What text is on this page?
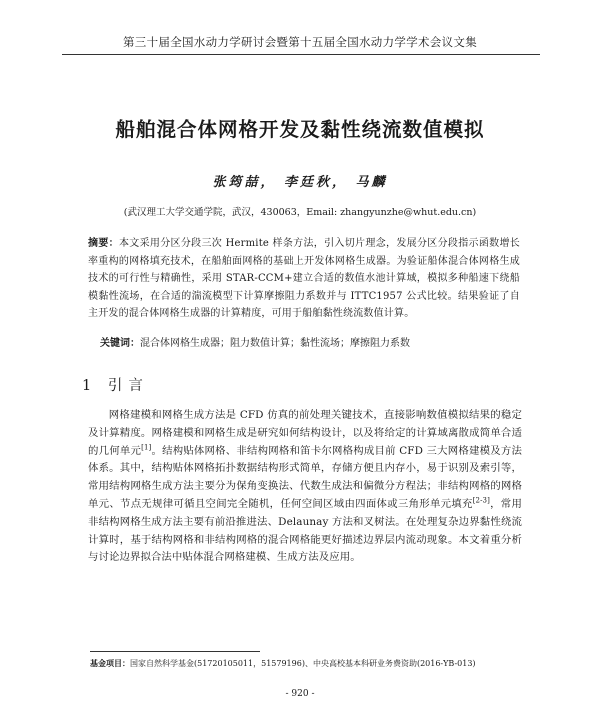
第三十届全国水动力学研讨会暨第十五届全国水动力学学术会议文集
船舶混合体网格开发及黏性绕流数值模拟
张筠喆， 李廷秋， 马麟
(武汉理工大学交通学院，武汉，430063，Email: zhangyunzhe@whut.edu.cn)
摘要：本文采用分区分段三次 Hermite 样条方法，引入切片理念，发展分区分段指示函数增长率重构的网格填充技术，在船舶面网格的基础上开发体网格生成器。为验证船体混合体网格生成技术的可行性与精确性，采用 STAR-CCM+建立合适的数值水池计算域，模拟多种船速下绕船模黏性流场，在合适的湍流模型下计算摩擦阻力系数并与 ITTC1957 公式比较。结果验证了自主开发的混合体网格生成器的计算精度，可用于船舶黏性绕流数值计算。
关键词：混合体网格生成器；阻力数值计算；黏性流场；摩擦阻力系数
1 引言

网格建模和网格生成方法是 CFD 仿真的前处理关键技术，直接影响数值模拟结果的稳定及计算精度。网格建模和网格生成是研究如何结构设计，以及将给定的计算域离散成简单合适的几何单元[1]。结构贴体网格、非结构网格和笛卡尔网格构成目前 CFD 三大网格建模及方法体系。其中，结构贴体网格拓扑数据结构形式简单，存储方便且内存小，易于识别及索引等，常用结构网格生成方法主要分为保角变换法、代数生成法和偏微分方程法；非结构网格的网格单元、节点无规律可循且空间完全随机，任何空间区域由四面体或三角形单元填充[2-3]，常用非结构网格生成方法主要有前沿推进法、Delaunay 方法和叉树法。在处理复杂边界黏性绕流计算时，基于结构网格和非结构网格的混合网格能更好描述边界层内流动现象。本文着重分析与讨论边界拟合法中贴体混合网格建模、生成方法及应用。

基金项目：国家自然科学基金(51720105011，51579196)、中央高校基本科研业务费资助(2016-YB-013)
- 920 -
